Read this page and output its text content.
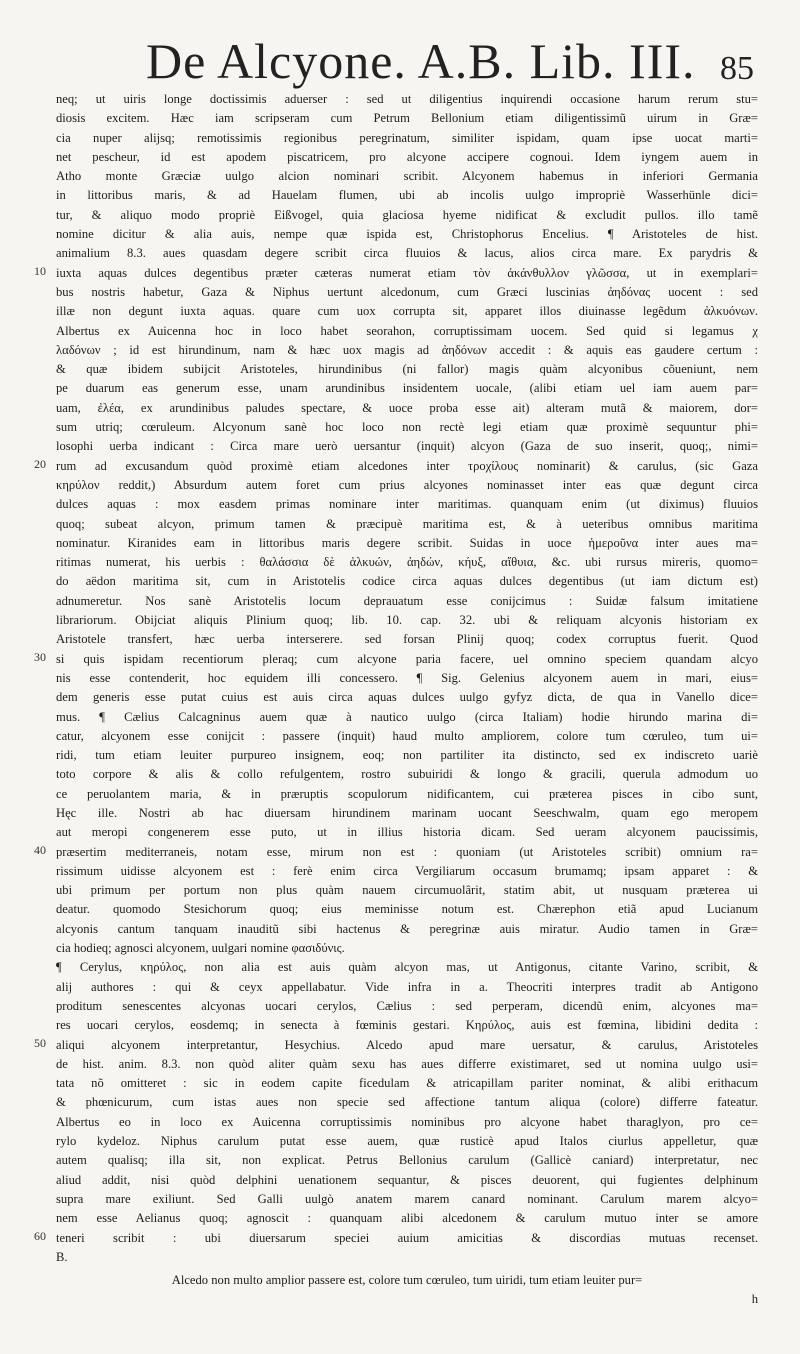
De Alcyone. A.B. Lib. III. 85
neq; ut uiris longe doctissimis aduerser : sed ut diligentius inquirendi occasione harum rerum stu=
diosis excitem. Hæc iam scripseram cum Petrum Bellonium etiam diligentissimũ uirum in Græ=
cia nuper alijsq; remotissimis regionibus peregrinatum, similiter ispidam, quam ipse uocat marti=
net pescheur, id est apodem piscatricem, pro alcyone accipere cognoui. Idem iyngem auem in
Atho monte Græciæ uulgo alcion nominari scribit. Alcyonem habemus in inferiori Germania
in littoribus maris, & ad Hauelam flumen, ubi ab incolis uulgo impropriè Wasserhünle dici=
tur, & aliquo modo propriè Eißvogel, quia glaciosa hyeme nidificat & excludit pullos. illo tamẽ
nomine dicitur & alia auis, nempe quæ ispida est, Christophorus Encelius. ¶ Aristoteles de hist.
animalium 8.3. aues quasdam degere scribit circa fluuios & lacus, alios circa mare. Ex parydris &
10 iuxta aquas dulces degentibus præter cæteras numerat etiam τὸν ἀκάνθυλλον γλῶσσα, ut in exemplari=
bus nostris habetur, Gaza & Niphus uertunt alcedonum, cum Græci luscinias ἀηδόνας uocent : sed
illæ non degunt iuxta aquas. quare cum uox corrupta sit, apparet illos diuinasse legẽdum ἀλκυόνων.
Albertus ex Auicenna hoc in loco habet seorahon, corruptissimam uocem. Sed quid si legamus χ
λαδόνων ; id est hirundinum, nam & hæc uox magis ad ἀηδόνων accedit : & aquis eas gaudere certum :
& quæ ibidem subijcit Aristoteles, hirundinibus (ni fallor) magis quàm alcyonibus cõueniunt, nem
pe duarum eas generum esse, unam arundinibus insidentem uocale, (alibi etiam uel iam auem par=
uam, ἐλέα, ex arundinibus paludes spectare, & uoce proba esse ait) alteram mutã & maiorem, dor=
sum utriq; cœruleum. Alcyonum sanè hoc loco non rectè legi etiam quæ proximè sequuntur phi=
losophi uerba indicant : Circa mare uerò uersantur (inquit) alcyon (Gaza de suo inserit, quoq;, nimi=
20 rum ad excusandum quòd proximè etiam alcedones inter τροχίλους nominarit) & carulus, (sic Gaza
κηρύλον reddit,) Absurdum autem foret cum prius alcyones nominasset inter eas quæ degunt circa
dulces aquas : mox easdem primas nominare inter maritimas. quanquam enim (ut diximus) fluuios
quoq; subeat alcyon, primum tamen & præcipuè maritima est, & à ueteribus omnibus maritima
nominatur. Kiranides eam in littoribus maris degere scribit. Suidas in uoce ἡμεροῦνα inter aues ma=
ritimas numerat, his uerbis : θαλάσσια δὲ ἀλκυών, ἀηδών, κήυξ, αἴθυια, &c. ubi rursus mireris, quomo=
do aëdon maritima sit, cum in Aristotelis codice circa aquas dulces degentibus (ut iam dictum est)
adnumeretur. Nos sanè Aristotelis locum deprauatum esse conijcimus : Suidæ falsum imitatiene
librariorum. Obijciat aliquis Plinium quoq; lib. 10. cap. 32. ubi & reliquam alcyonis historiam ex
Aristotele transfert, hæc uerba interserere. sed forsan Plinij quoq; codex corruptus fuerit. Quod
30 si quis ispidam recentiorum pleraq; cum alcyone paria facere, uel omnino speciem quandam alcyo
nis esse contenderit, hoc equidem illi concessero. ¶ Sig. Gelenius alcyonem auem in mari, eius=
dem generis esse putat cuius est auis circa aquas dulces uulgo gyfyz dicta, de qua in Vanello dice=
mus. ¶ Cælius Calcagninus auem quæ à nautico uulgo (circa Italiam) hodie hirundo marina di=
catur, alcyonem esse conijcit : passere (inquit) haud multo ampliorem, colore tum cœruleo, tum ui=
ridi, tum etiam leuiter purpureo insignem, eoq; non partiliter ita distincto, sed ex indiscreto uariè
toto corpore & alis & collo refulgentem, rostro subuiridi & longo & gracili, querula admodum uo
ce peruolantem maria, & in præruptis scopulorum nidificantem, cui præterea pisces in cibo sunt,
Hęc ille. Nostri ab hac diuersam hirundinem marinam uocant Seeschwalm, quam ego meropem
aut meropi congenerem esse puto, ut in illius historia dicam. Sed ueram alcyonem paucissimis,
40 præsertim mediterraneis, notam esse, mirum non est : quoniam (ut Aristoteles scribit) omnium ra=
rissimum uidisse alcyonem est : ferè enim circa Vergiliarum occasum brumamq; ipsam apparet : &
ubi primum per portum non plus quàm nauem circumuolârit, statim abit, ut nusquam præterea ui
deatur. quomodo Stesichorum quoq; eius meminisse notum est. Chærephon etiã apud Lucianum
alcyonis cantum tanquam inauditũ sibi hactenus & peregrinæ auis miratur. Audio tamen in Græ=
cia hodieq; agnosci alcyonem, uulgari nomine φασιδύνις.
¶ Cerylus, κηρύλος, non alia est auis quàm alcyon mas, ut Antigonus, citante Varino, scribit, &
alij authores : qui & ceyx appellabatur. Vide infra in a. Theocriti interpres tradit ab Antigono
proditum senescentes alcyonas uocari cerylos, Cælius : sed perperam, dicendũ enim, alcyones ma=
res uocari cerylos, eosdemq; in senecta à fœminis gestari. Κηρύλος, auis est fœmina, libidini dedita :
50 aliqui alcyonem interpretantur, Hesychius. Alcedo apud mare uersatur, & carulus, Aristoteles
de hist. anim. 8.3. non quòd aliter quàm sexu has aues differre existimaret, sed ut nomina uulgo usi=
tata nõ omitteret : sic in eodem capite ficedulam & atricapillam pariter nominat, & alibi erithacum
& phœnicurum, cum istas aues non specie sed affectione tantum aliqua (colore) differre fateatur.
Albertus eo in loco ex Auicenna corruptissimis nominibus pro alcyone habet tharaglyon, pro ce=
rylo kydeloz. Niphus carulum putat esse auem, quæ rusticè apud Italos ciurlus appelletur, quæ
autem qualisq; illa sit, non explicat. Petrus Bellonius carulum (Gallicè caniard) interpretatur, nec
aliud addit, nisi quòd delphini uenationem sequantur, & pisces deuorent, qui fugientes delphinum
supra mare exiliunt. Sed Galli uulgò anatem marem canard nominant. Carulum marem alcyo=
nem esse Aelianus quoq; agnoscit : quanquam alibi alcedonem & carulum mutuo inter se amore
60 teneri scribit : ubi diuersarum speciei auium amicitias & discordias mutuas recenset.
B.
Alcedo non multo amplior passere est, colore tum cœruleo, tum uiridi, tum etiam leuiter pur=
h
